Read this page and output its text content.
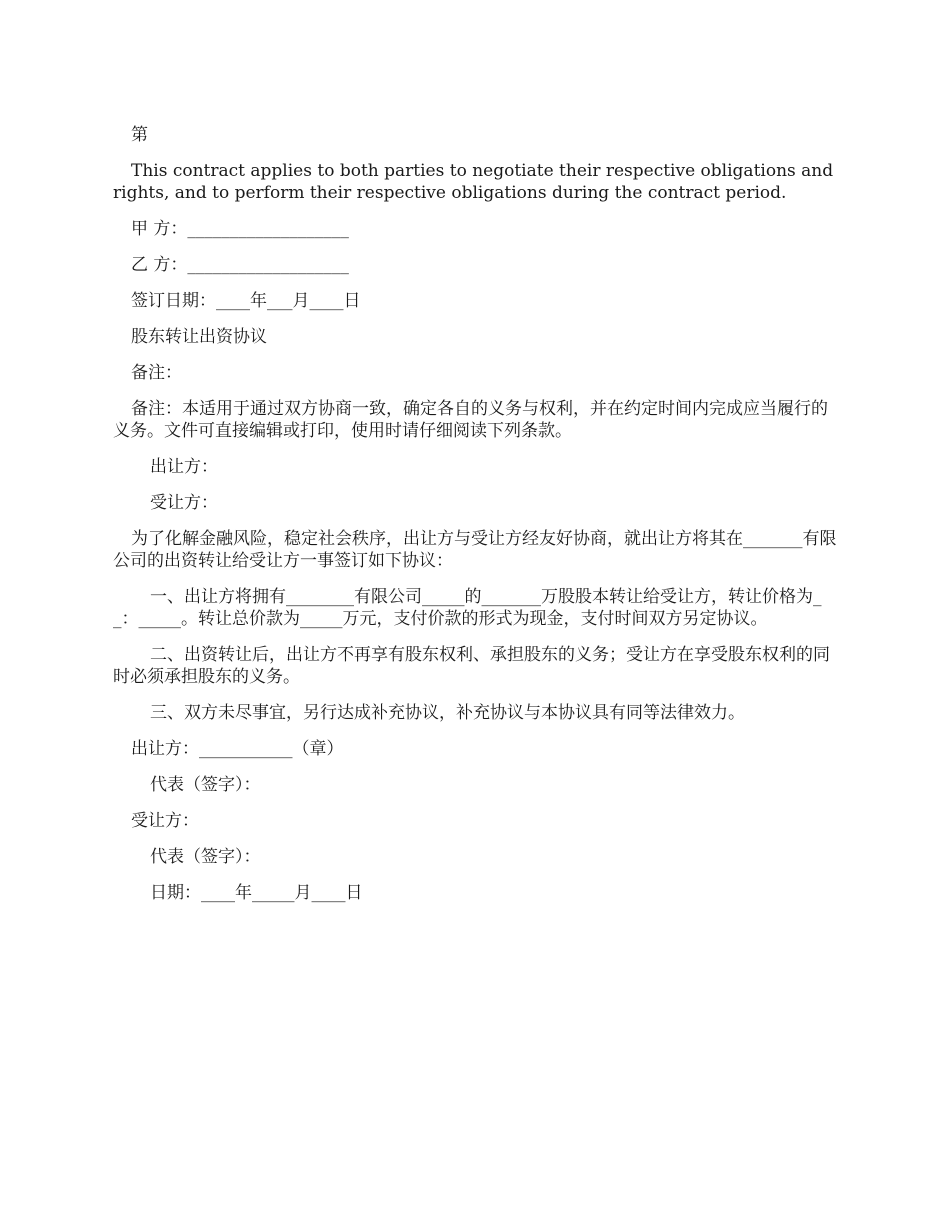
第

This contract applies to both parties to negotiate their respective obligations and rights, and to perform their respective obligations during the contract period.

甲 方：___________________

乙 方：___________________

签订日期：____年___月____日

股东转让出资协议

备注：

备注：本适用于通过双方协商一致，确定各自的义务与权利，并在约定时间内完成应当履行的义务。文件可直接编辑或打印，使用时请仔细阅读下列条款。

出让方：

受让方：

为了化解金融风险，稳定社会秩序，出让方与受让方经友好协商，就出让方将其在_______有限公司的出资转让给受让方一事签订如下协议：

一、出让方将拥有________有限公司_____的_______万股股本转让给受让方，转让价格为__：_____。转让总价款为_____万元，支付价款的形式为现金，支付时间双方另定协议。

二、出资转让后，出让方不再享有股东权利、承担股东的义务；受让方在享受股东权利的同时必须承担股东的义务。

三、双方未尽事宜，另行达成补充协议，补充协议与本协议具有同等法律效力。

出让方：___________（章）

代表（签字）：

受让方：

代表（签字）：

日期：____年_____月____日
